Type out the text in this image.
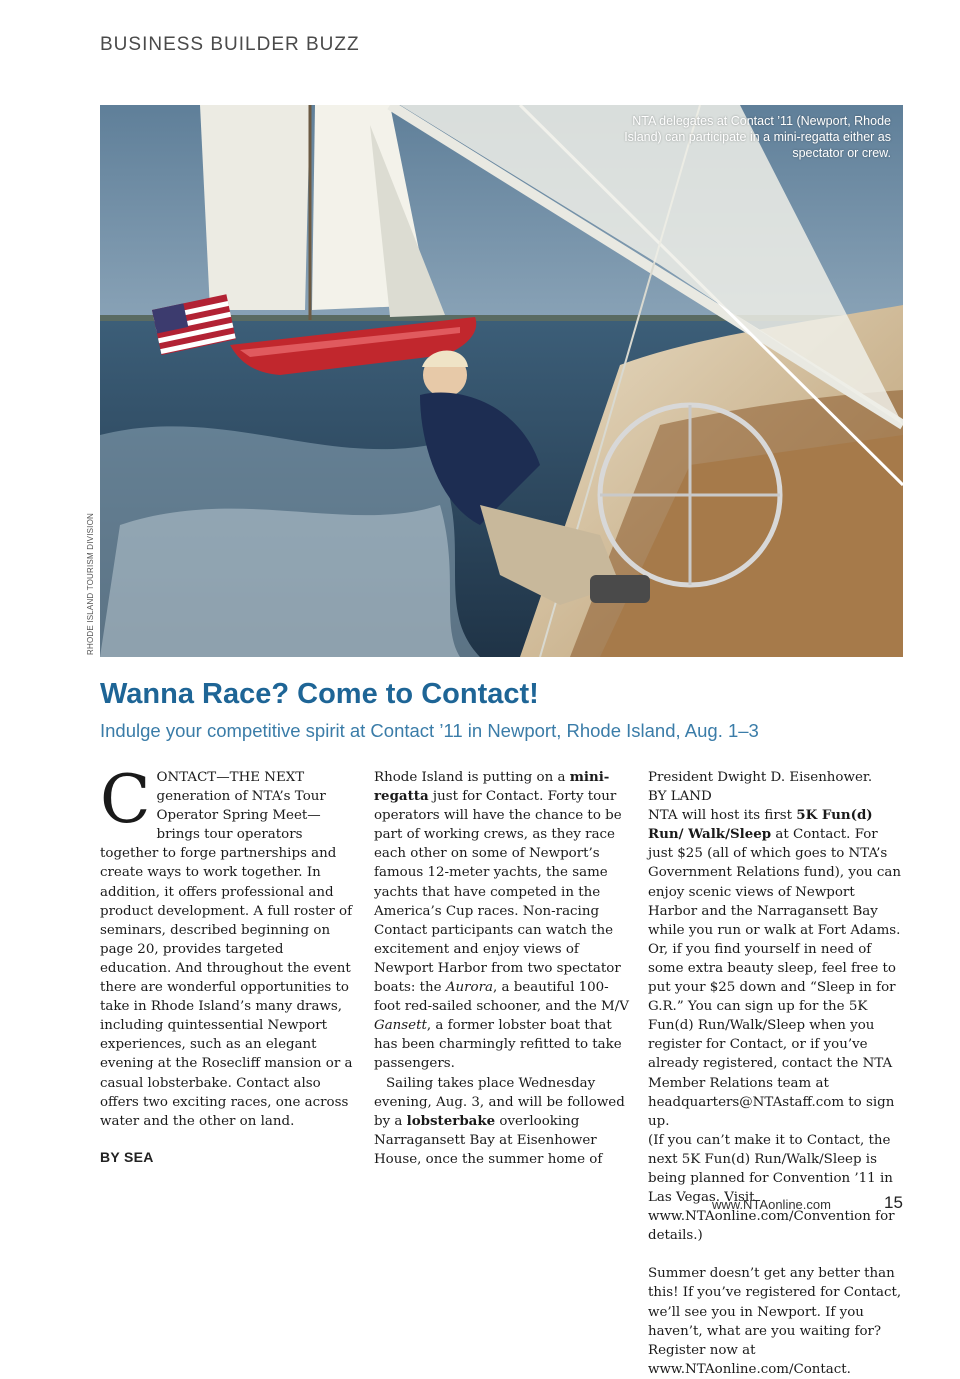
BUSINESS BUILDER BUZZ
NTA delegates at Contact ’11 (Newport, Rhode Island) can participate in a mini-regatta either as spectator or crew.
RHODE ISLAND TOURISM DIVISION
Wanna Race? Come to Contact!
Indulge your competitive spirit at Contact ’11 in Newport, Rhode Island, Aug. 1–3

CONTACT—THE NEXT generation of NTA’s Tour Operator Spring Meet—brings tour operators together to forge partnerships and create ways to work together. In addition, it offers professional and product development. A full roster of seminars, described beginning on page 20, provides targeted education. And throughout the event there are wonderful opportunities to take in Rhode Island’s many draws, including quintessential Newport experiences, such as an elegant evening at the Rosecliff mansion or a casual lobsterbake. Contact also offers two exciting races, one across water and the other on land.

BY SEA

Rhode Island is putting on a mini-regatta just for Contact. Forty tour operators will have the chance to be part of working crews, as they race each other on some of Newport’s famous 12-meter yachts, the same yachts that have competed in the America’s Cup races. Non-racing Contact participants can watch the excitement and enjoy views of Newport Harbor from two spectator boats: the Aurora, a beautiful 100-foot red-sailed schooner, and the M/V Gansett, a former lobster boat that has been charmingly refitted to take passengers.

Sailing takes place Wednesday evening, Aug. 3, and will be followed by a lobsterbake overlooking Narragansett Bay at Eisenhower House, once the summer home of

President Dwight D. Eisenhower.

BY LAND

NTA will host its first 5K Fun(d) Run/ Walk/Sleep at Contact. For just $25 (all of which goes to NTA’s Government Relations fund), you can enjoy scenic views of Newport Harbor and the Narragansett Bay while you run or walk at Fort Adams. Or, if you find yourself in need of some extra beauty sleep, feel free to put your $25 down and “Sleep in for G.R.” You can sign up for the 5K Fun(d) Run/Walk/Sleep when you register for Contact, or if you’ve already registered, contact the NTA Member Relations team at headquarters@NTAstaff.com to sign up.

(If you can’t make it to Contact, the next 5K Fun(d) Run/Walk/Sleep is being planned for Convention ’11 in Las Vegas. Visit www.NTAonline.com/Convention for details.)

Summer doesn’t get any better than this! If you’ve registered for Contact, we’ll see you in Newport. If you haven’t, what are you waiting for? Register now at www.NTAonline.com/Contact.

www.NTAonline.com	15
